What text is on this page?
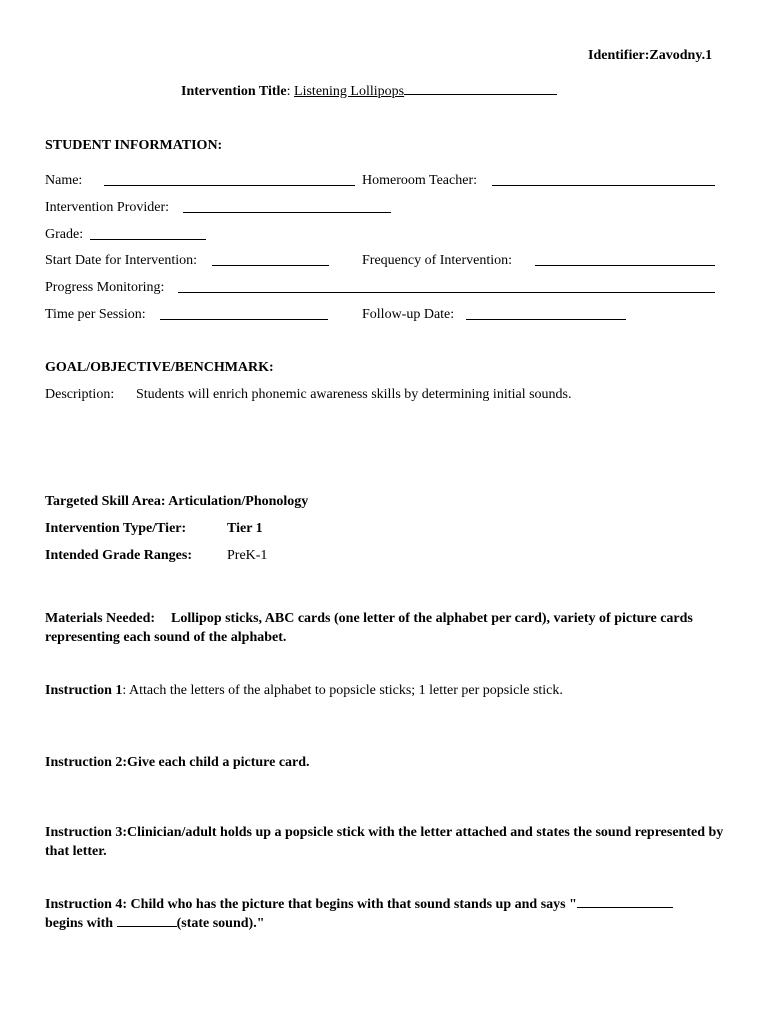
Identifier:Zavodny.1
Intervention Title: Listening Lollipops
STUDENT INFORMATION:
Name:	Homeroom Teacher:
Intervention Provider:
Grade:
Start Date for Intervention:	Frequency of Intervention:
Progress Monitoring:
Time per Session:	Follow-up Date:
GOAL/OBJECTIVE/BENCHMARK:
Description: Students will enrich phonemic awareness skills by determining initial sounds.
Targeted Skill Area: Articulation/Phonology
Intervention Type/Tier:	Tier 1
Intended Grade Ranges: PreK-1
Materials Needed: Lollipop sticks, ABC cards (one letter of the alphabet per card), variety of picture cards representing each sound of the alphabet.
Instruction 1: Attach the letters of the alphabet to popsicle sticks; 1 letter per popsicle stick.
Instruction 2:Give each child a picture card.
Instruction 3:Clinician/adult holds up a popsicle stick with the letter attached and states the sound represented by that letter.
Instruction 4: Child who has the picture that begins with that sound stands up and says "
begins with	(state sound)."
